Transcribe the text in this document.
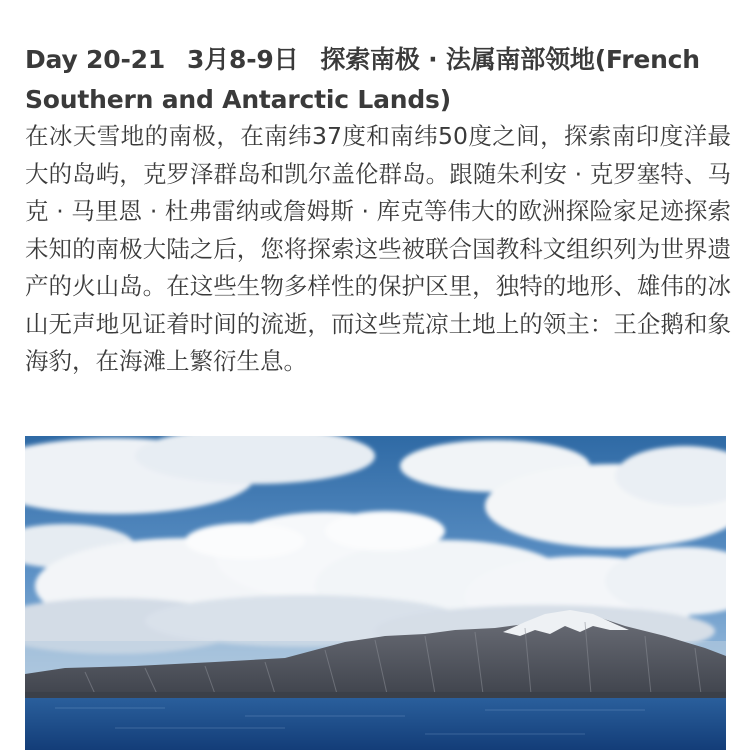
Day 20-21 3月8-9日 探索南极 · 法属南部领地(French Southern and Antarctic Lands)

在冰天雪地的南极，在南纬37度和南纬50度之间，探索南印度洋最大的岛屿，克罗泽群岛和凯尔盖伦群岛。跟随朱利安 · 克罗塞特、马克 · 马里恩 · 杜弗雷纳或詹姆斯 · 库克等伟大的欧洲探险家足迹探索未知的南极大陆之后，您将探索这些被联合国教科文组织列为世界遗产的火山岛。在这些生物多样性的保护区里，独特的地形、雄伟的冰山无声地见证着时间的流逝，而这些荒凉土地上的领主：王企鹅和象海豹，在海滩上繁衍生息。
